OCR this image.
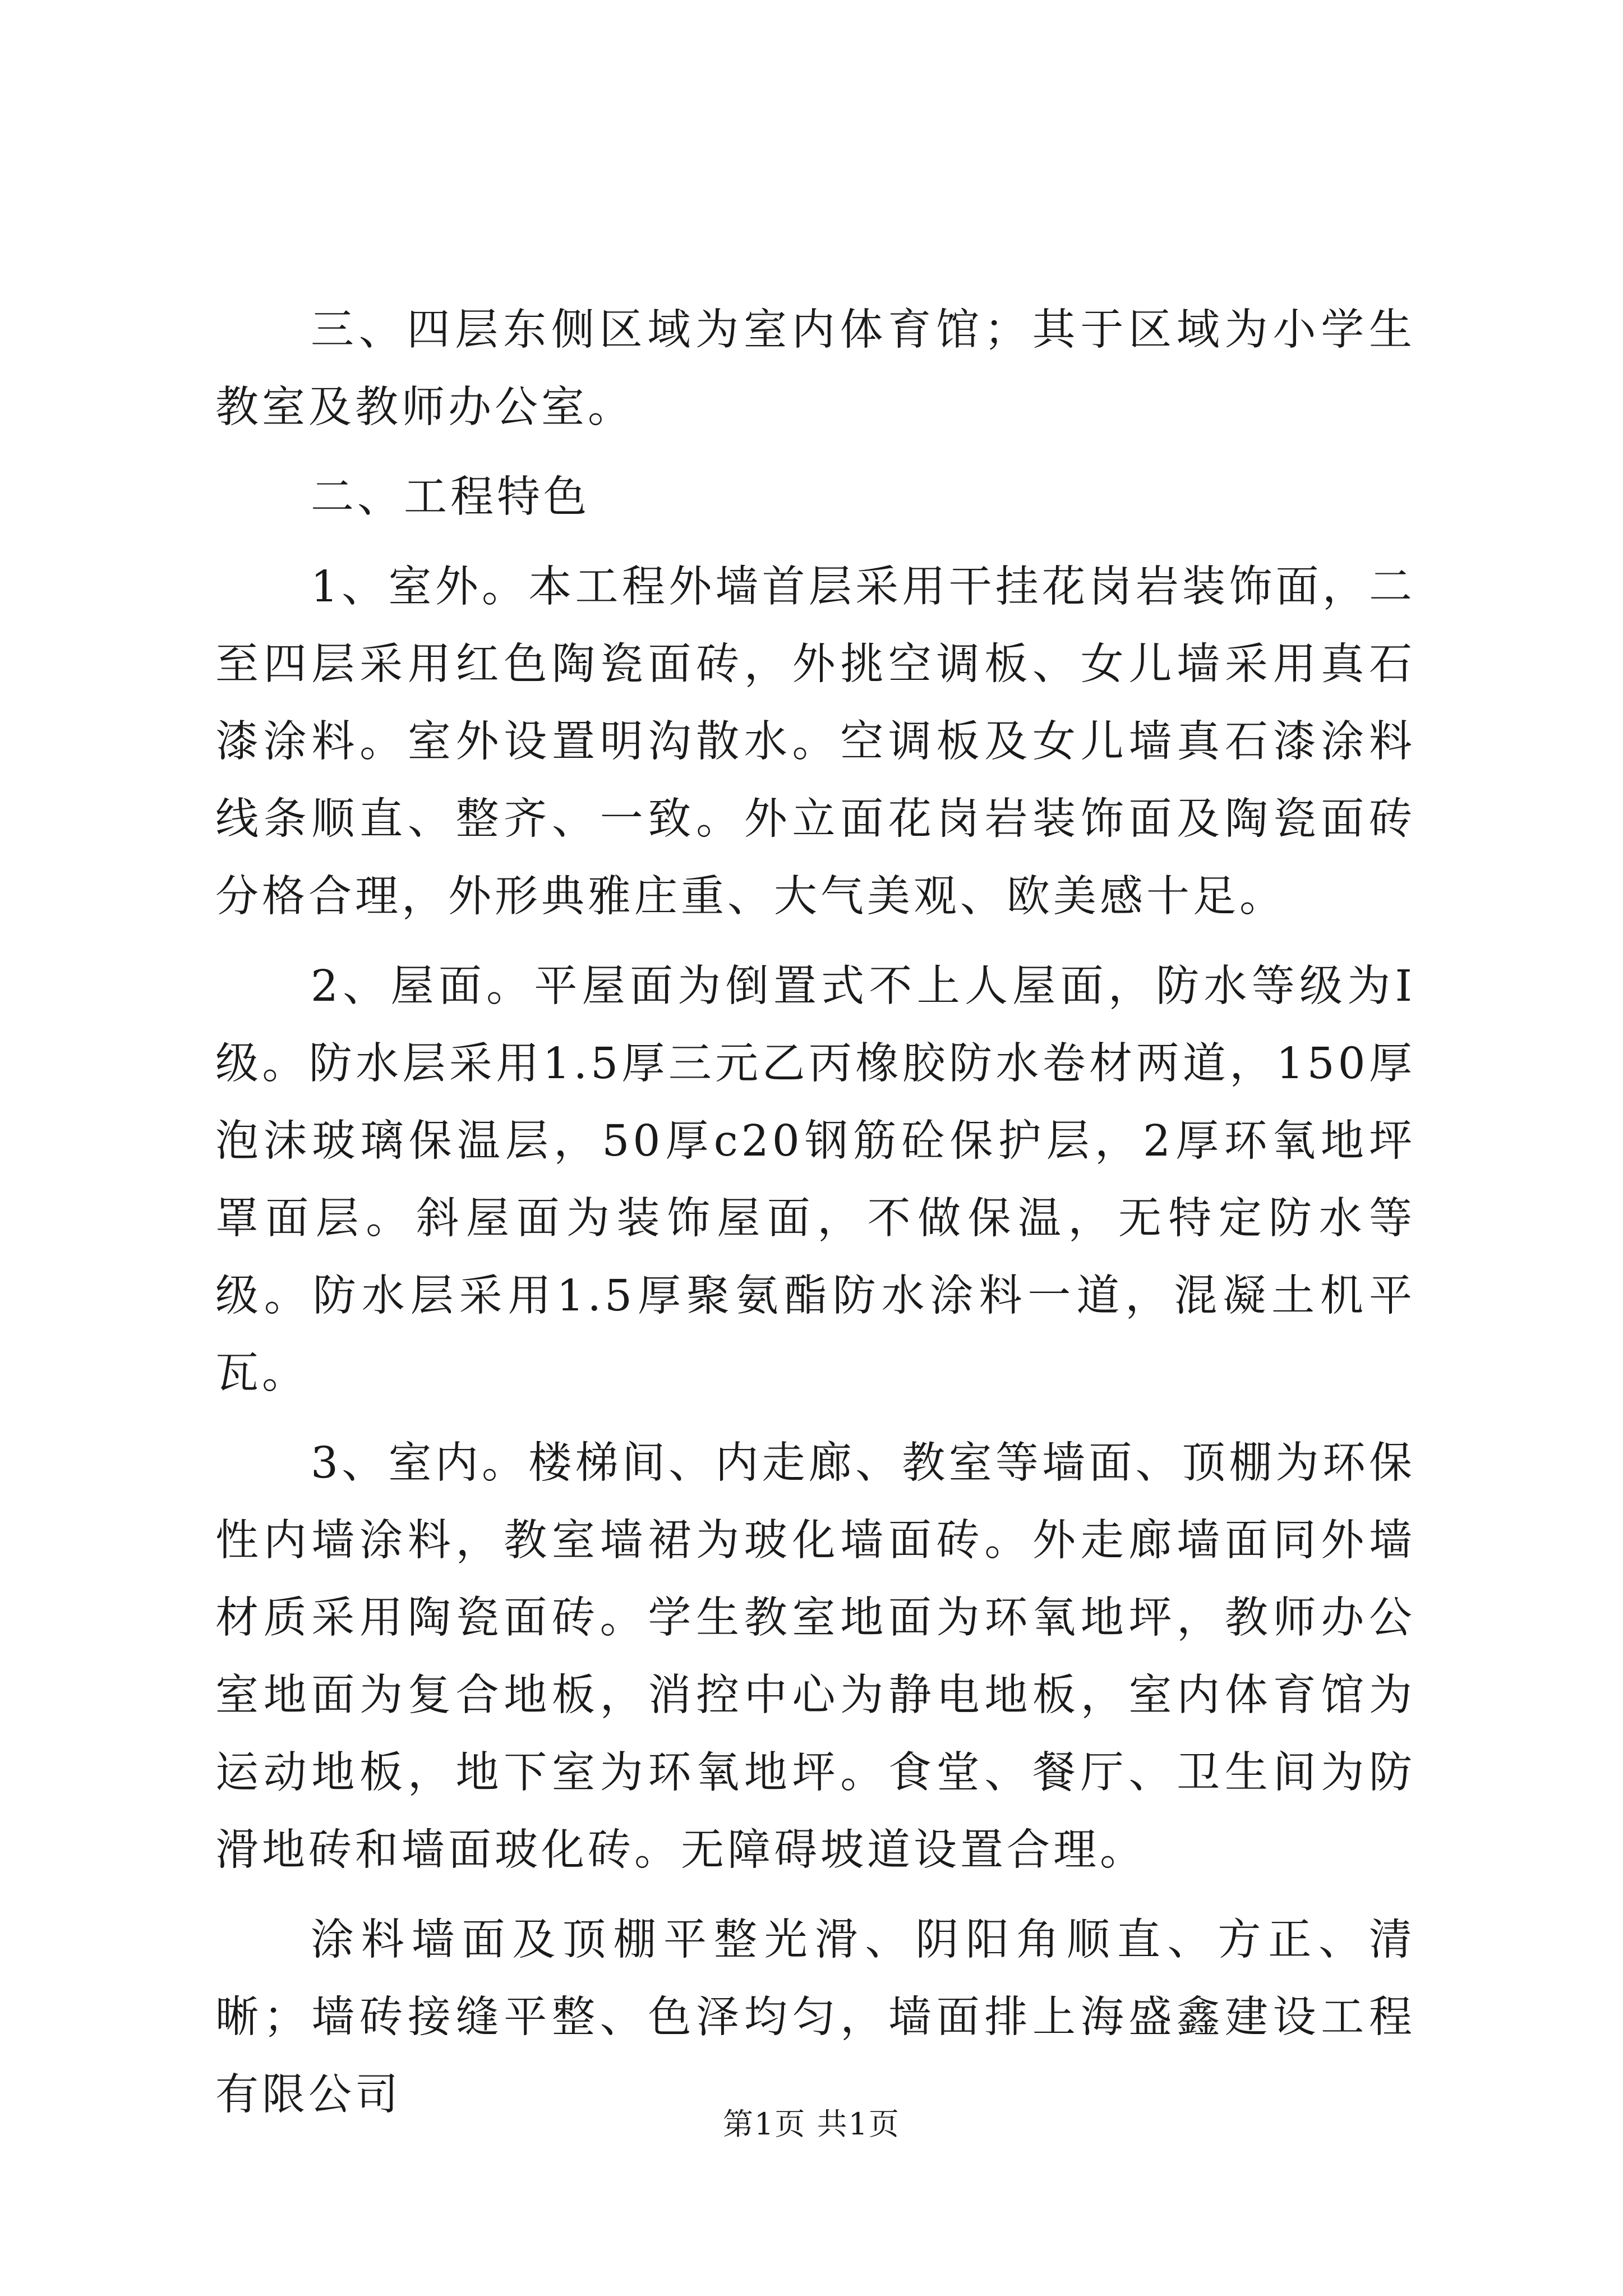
三、四层东侧区域为室内体育馆；其于区域为小学生教室及教师办公室。

二、工程特色

1、室外。本工程外墙首层采用干挂花岗岩装饰面，二至四层采用红色陶瓷面砖，外挑空调板、女儿墙采用真石漆涂料。室外设置明沟散水。空调板及女儿墙真石漆涂料线条顺直、整齐、一致。外立面花岗岩装饰面及陶瓷面砖分格合理，外形典雅庄重、大气美观、欧美感十足。

2、屋面。平屋面为倒置式不上人屋面，防水等级为Ⅰ级。防水层采用1.5厚三元乙丙橡胶防水卷材两道，150厚泡沫玻璃保温层，50厚c20钢筋砼保护层，2厚环氧地坪罩面层。斜屋面为装饰屋面，不做保温，无特定防水等级。防水层采用1.5厚聚氨酯防水涂料一道，混凝土机平瓦。

3、室内。楼梯间、内走廊、教室等墙面、顶棚为环保性内墙涂料，教室墙裙为玻化墙面砖。外走廊墙面同外墙材质采用陶瓷面砖。学生教室地面为环氧地坪，教师办公室地面为复合地板，消控中心为静电地板，室内体育馆为运动地板，地下室为环氧地坪。食堂、餐厅、卫生间为防滑地砖和墙面玻化砖。无障碍坡道设置合理。

涂料墙面及顶棚平整光滑、阴阳角顺直、方正、清晰；墙砖接缝平整、色泽均匀，墙面排上海盛鑫建设工程有限公司

第1页 共1页
